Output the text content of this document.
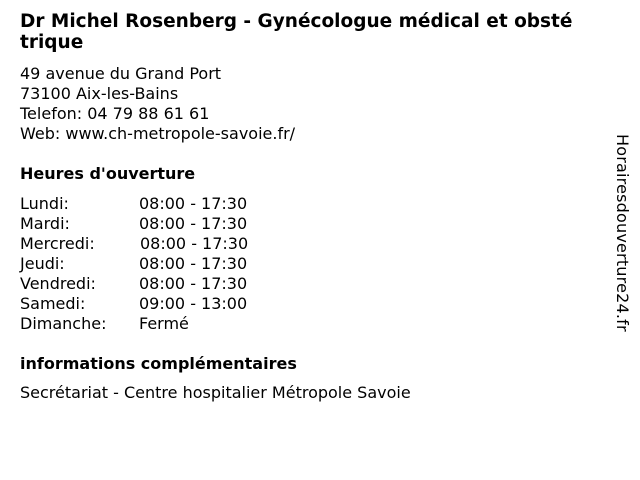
Dr Michel Rosenberg - Gynécologue médical et obsté trique
49 avenue du Grand Port
73100 Aix-les-Bains
Telefon: 04 79 88 61 61
Web: www.ch-metropole-savoie.fr/
Heures d'ouverture
Lundi:	08:00 - 17:30
Mardi:	08:00 - 17:30
Mercredi:	08:00 - 17:30
Jeudi:	08:00 - 17:30
Vendredi:	08:00 - 17:30
Samedi:	09:00 - 13:00
Dimanche: Fermé
informations complémentaires
Secrétariat - Centre hospitalier Métropole Savoie
Horairesdouverture24.fr
